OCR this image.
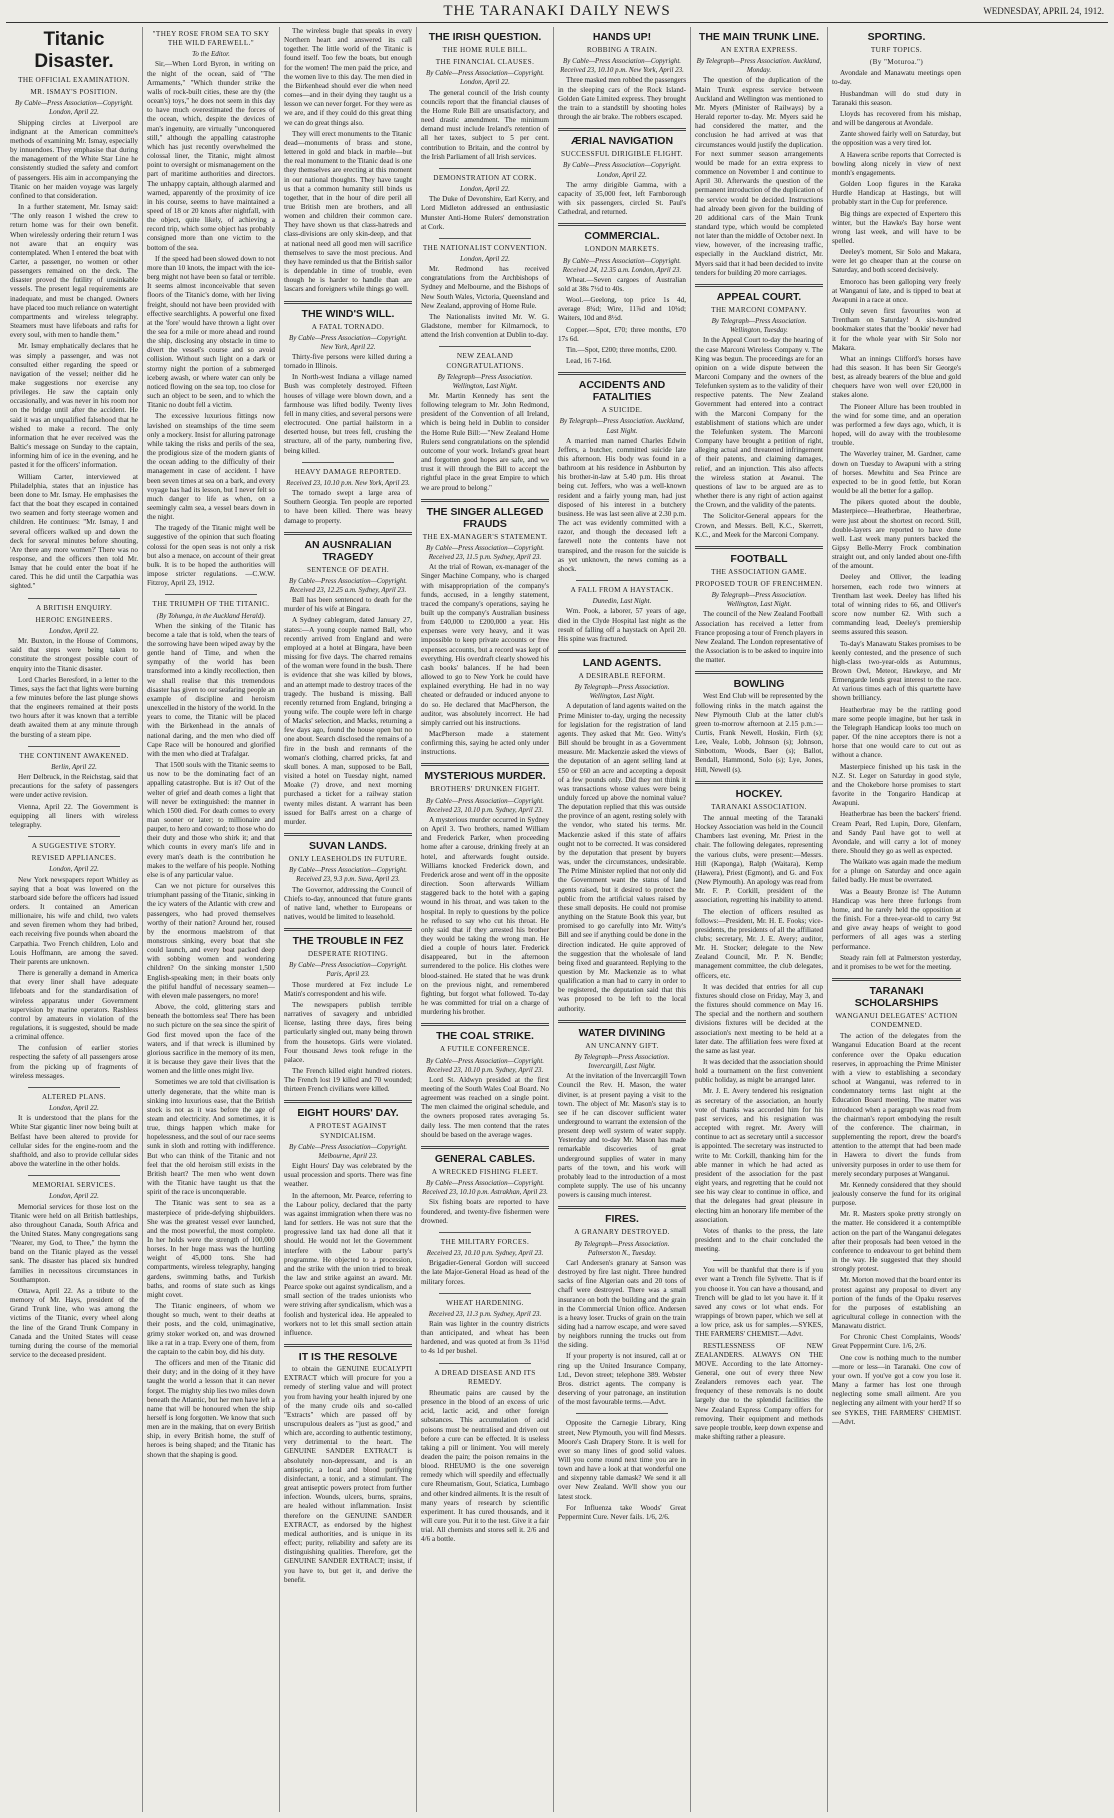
THE TARANAKI DAILY NEWS	WEDNESDAY, APRIL 24, 1912.
Titanic Disaster.
THE OFFICIAL EXAMINATION.
MR. ISMAY'S POSITION.
By Cable—Press Association—Copyright. London, April 22.

Shipping circles at Liverpool are indignant at the American committee's methods of examining Mr. Ismay, especially by innuendoes. They emphasise that during the management of the White Star Line he consistently studied the safety and comfort of passengers. His aim in accompanying the Titanic on her maiden voyage was largely confined to that consideration.

In a further statement, Mr. Ismay said: "The only reason I wished the crew to return home was for their own benefit. When wirelessly ordering their return I was not aware that an enquiry was contemplated. When I entered the boat with Carter, a passenger, no women or other passengers remained on the deck. The disaster proved the futility of unsinkable vessels. The present legal requirements are inadequate, and must be changed. Owners have placed too much reliance on watertight compartments and wireless telegraphy. Steamers must have lifeboats and rafts for every soul, with men to handle them."

Mr. Ismay emphatically declares that he was simply a passenger, and was not consulted either regarding the speed or navigation of the vessel; neither did he make suggestions nor exercise any privileges. He saw the captain only occasionally, and was never in his room nor on the bridge until after the accident. He said it was an unqualified falsehood that he wished to make a record. The only information that he ever received was the Baltic's message on Sunday to the captain, informing him of ice in the evening, and he pasted it for the officers' information.

William Carter, interviewed at Philadelphia, states that an injustice has been done to Mr. Ismay. He emphasises the fact that the boat they escaped in contained two seamen and forty steerage women and children. He continues: "Mr. Ismay, I and several officers walked up and down the deck for several minutes before shouting, 'Are there any more women?' There was no response, and the officers then told Mr. Ismay that he could enter the boat if he cared. This he did until the Carpathia was sighted."

A BRITISH ENQUIRY.
HEROIC ENGINEERS.
London, April 22.

Mr. Buxton, in the House of Commons, said that steps were being taken to constitute the strongest possible court of enquiry into the Titanic disaster.

Lord Charles Beresford, in a letter to the Times, says the fact that lights were burning a few minutes before the last plunge shows that the engineers remained at their posts two hours after it was known that a terrible death awaited them at any minute through the bursting of a steam pipe.

THE CONTINENT AWAKENED.
Berlin, April 22.

Herr Delbruck, in the Reichstag, said that precautions for the safety of passengers were under active revision.

Vienna, April 22. The Government is equipping all liners with wireless telegraphy.

A SUGGESTIVE STORY.
REVISED APPLIANCES.
London, April 22.

New York newspapers report Whitley as saying that a boat was lowered on the starboard side before the officers had issued orders. It contained an American millionaire, his wife and child, two valets and seven firemen whom they had bribed, each receiving five pounds when aboard the Carpathia. Two French children, Lolo and Louis Hoffmann, are among the saved. Their parents are unknown.

There is generally a demand in America that every liner shall have adequate lifeboats and for the standardisation of wireless apparatus under Government supervision by marine operators. Rashless control by amateurs in violation of the regulations, it is suggested, should be made a criminal offence.

The confusion of earlier stories respecting the safety of all passengers arose from the picking up of fragments of wireless messages.

ALTERED PLANS.
London, April 22.

It is understood that the plans for the White Star gigantic liner now being built at Belfast have been altered to provide for cellular sides for the engine-room and the shafthold, and also to provide cellular sides above the waterline in the other holds.

MEMORIAL SERVICES.
London, April 22.

Memorial services for those lost on the Titanic were held on all British battleships, also throughout Canada, South Africa and the United States. Many congregations sang "Nearer, my God, to Thee," the hymn the band on the Titanic played as the vessel sank. The disaster has placed six hundred families in necessitous circumstances in Southampton.

Ottawa, April 22. As a tribute to the memory of Mr. Hays, president of the Grand Trunk line, who was among the victims of the Titanic, every wheel along the line of the Grand Trunk Company in Canada and the United States will cease turning during the course of the memorial service to the deceased president.

"THEY ROSE FROM SEA TO SKY THE WILD FAREWELL."
To the Editor.

Sir,—When Lord Byron, in writing on the night of the ocean, said of "The Armaments," "Which thunder strike the walls of rock-built cities, these are thy (the ocean's) toys," he does not seem in this day to have much overestimated the forces of the ocean, which, despite the devices of man's ingenuity, are virtually "unconquered still," although the appalling catastrophe which has just recently overwhelmed the colossal liner, the Titanic, might almost point to oversight or mismanagement on the part of maritime authorities and directors. The unhappy captain, although alarmed and warned, apparently of the proximity of ice in his course, seems to have maintained a speed of 18 or 20 knots after nightfall, with the object, quite likely, of achieving a record trip, which some object has probably consigned more than one victim to the bottom of the sea.

If the speed had been slowed down to not more than 10 knots, the impact with the ice-berg might not have been so fatal or terrible. It seems almost inconceivable that seven floors of the Titanic's dome, with her living freight, should not have been provided with effective searchlights. A powerful one fixed at the 'fore' would have thrown a light over the sea for a mile or more ahead and round the ship, disclosing any obstacle in time to divert the vessel's course and so avoid collision. Without such light on a dark or stormy night the portion of a submerged iceberg awash, or where water can only be noticed flowing on the sea top, too close for such an object to be seen, and to which the Titanic no doubt fell a victim.

The excessive luxurious fittings now lavished on steamships of the time seem only a mockery. Insist for alluring patronage while taking the risks and perils of the sea, the prodigious size of the modern giants of the ocean adding to the difficulty of their management in case of accident. I have been seven times at sea on a bark, and every voyage has had its lesson, but I never felt so much danger to life as when, on a seemingly calm sea, a vessel bears down in the night.

The tragedy of the Titanic might well be suggestive of the opinion that such floating colossi for the open seas is not only a risk but also a menace, on account of their great bulk. It is to be hoped the authorities will impose stricter regulations. —C.W.W. Fitzroy, April 23, 1912.

THE TRIUMPH OF THE TITANIC.
(By Tohunga, in the Auckland Herald).

When the sinking of the Titanic has become a tale that is told, when the tears of the sorrowing have been wiped away by the gentle hand of Time, and when the sympathy of the world has been transformed into a kindly recollection, then we shall realise that this tremendous disaster has given to our seafaring people an example of discipline and heroism unexcelled in the history of the world. In the years to come, the Titanic will be placed with the Birkenhead in the annals of national daring, and the men who died off Cape Race will be honoured and glorified with the men who died at Trafalgar.

That 1500 souls with the Titanic seems to us now to be the dominating fact of an appalling catastrophe. But is it? Out of the welter of grief and death comes a light that will never be extinguished: the manner in which 1500 died. For death comes to every man sooner or later; to millionaire and pauper, to hero and coward; to those who do their duty and those who shirk it; and that which counts in every man's life and in every man's death is the contribution he makes to the welfare of his people. Nothing else is of any particular value.

Can we not picture for ourselves this triumphant passing of the Titanic, sinking in the icy waters of the Atlantic with crew and passengers, who had proved themselves worthy of their nation? Around her, roused by the enormous maelstrom of that monstrous sinking, every boat that she could launch, and every boat packed deep with sobbing women and wondering children? On the sinking monster 1,500 English-speaking men; in their boats only the pitiful handful of necessary seamen—with eleven male passengers, no more!

Above, the cold, glittering stars and beneath the bottomless sea! There has been no such picture on the sea since the spirit of God first moved upon the face of the waters, and if that wreck is illumined by glorious sacrifice in the memory of its men, it is because they gave their lives that the women and the little ones might live.

Sometimes we are told that civilisation is utterly degenerate, that the white man is sinking into luxurious ease, that the British stock is not as it was before the age of steam and electricity. And sometimes, it is true, things happen which make for hopelessness, and the soul of our race seems sunk in sloth and rotting with indifference. But who can think of the Titanic and not feel that the old heroism still exists in the British heart? The men who went down with the Titanic have taught us that the spirit of the race is unconquerable.

The Titanic was sent to sea as a masterpiece of pride-defying shipbuilders. She was the greatest vessel ever launched, and the most powerful, the most complete. In her holds were the strength of 100,000 horses. In her huge mass was the hurtling weight of 45,000 tons. She had compartments, wireless telegraphy, hanging gardens, swimming baths, and Turkish baths, and rooms of state such as kings might covet.

The Titanic engineers, of whom we thought so much, went to their deaths at their posts, and the cold, unimaginative, grimy stoker worked on, and was drowned like a rat in a trap. Every one of them, from the captain to the cabin boy, did his duty.

The officers and men of the Titanic did their duty; and in the doing of it they have taught the world a lesson that it can never forget. The mighty ship lies two miles down beneath the Atlantic, but her men have left a name that will be honoured when the ship herself is long forgotten. We know that such men are in the making, that on every British ship, in every British home, the stuff of heroes is being shaped; and the Titanic has shown that the shaping is good.

The wireless bugle that speaks in every Northern heart and answered its call together. The little world of the Titanic is found itself. Too few the boats, but enough for the women! The men paid the price, and the women live to this day. The men died in the Birkenhead should ever die when need comes—and in their dying they taught us a lesson we can never forget. For they were as we are, and if they could do this great thing we can do great things also.

They will erect monuments to the Titanic dead—monuments of brass and stone, lettered in gold and black in marble—but the real monument to the Titanic dead is one they themselves are erecting at this moment in our national thoughts. They have taught us that a common humanity still binds us together, that in the hour of dire peril all true British men are brothers, and all women and children their common care. They have shown us that class-hatreds and class-divisions are only skin-deep, and that at national need all good men will sacrifice themselves to save the most precious. And they have reminded us that the British sailor is dependable in time of trouble, even though he is harder to handle than are lascars and foreigners while things go well.

THE WIND'S WILL.
A FATAL TORNADO.
By Cable—Press Association—Copyright. New York, April 22.

Thirty-five persons were killed during a tornado in Illinois.

In North-west Indiana a village named Bush was completely destroyed. Fifteen houses of village were blown down, and a farmhouse was lifted bodily. Twenty lives fell in many cities, and several persons were electrocuted. One partial hailstorm in a deserted house, but trees fell, crushing the structure, all of the party, numbering five, being killed.

HEAVY DAMAGE REPORTED.
Received 23, 10.10 p.m. New York, April 23.

The tornado swept a large area of Southern Georgia. Ten people are reported to have been killed. There was heavy damage to property.

AN AUSNRALIAN TRAGEDY
SENTENCE OF DEATH.
By Cable—Press Association—Copyright. Received 23, 12.25 a.m. Sydney, April 23.

Ball has been sentenced to death for the murder of his wife at Bingara.

A Sydney cablegram, dated January 27, states:—A young couple named Ball, who recently arrived from England and were employed at a hotel at Bingara, have been missing for five days. The charred remains of the woman were found in the bush. There is evidence that she was killed by blows, and an attempt made to destroy traces of the tragedy. The husband is missing. Ball recently returned from England, bringing a young wife. The couple were left in charge of Macks' selection, and Macks, returning a few days ago, found the house open but no one about. Search disclosed the remains of a fire in the bush and remnants of the woman's clothing, charred pricks, fat and skull bones. A man, supposed to be Ball, visited a hotel on Tuesday night, named Moake (?) drove, and next morning purchased a ticket for a railway station twenty miles distant. A warrant has been issued for Ball's arrest on a charge of murder.

SUVAN LANDS.
ONLY LEASEHOLDS IN FUTURE.
By Cable—Press Association—Copyright. Received 23, 9.3 p.m. Suva, April 23.

The Governor, addressing the Council of Chiefs to-day, announced that future grants of native land, whether to Europeans or natives, would be limited to leasehold.

THE TROUBLE IN FEZ
DESPERATE RIOTING.
By Cable—Press Association—Copyright. Paris, April 23.

Those murdered at Fez include Le Matin's correspondent and his wife.

The newspapers publish terrible narratives of savagery and unbridled license, lasting three days, fires being particularly singled out, many being thrown from the housetops. Girls were violated. Four thousand Jews took refuge in the palace.

The French killed eight hundred rioters. The French lost 19 killed and 70 wounded; thirteen French civilians were killed.

EIGHT HOURS' DAY.
A PROTEST AGAINST SYNDICALISM.
By Cable—Press Association—Copyright. Melbourne, April 23.

Eight Hours' Day was celebrated by the usual procession and sports. There was fine weather.

In the afternoon, Mr. Pearce, referring to the Labour policy, declared that the party was against immigration when there was no land for settlers. He was not sure that the progressive land tax had done all that it should. He would not let the Government interfere with the Labour party's programme. He objected to a procession, and the strike with the union tried to break the law and strike against an award. Mr. Pearce spoke out against syndicalism, and a small section of the trades unionists who were striving after syndicalism, which was a foolish and hysterical idea. He appealed to workers not to let this small section attain influence.

IT IS THE RESOLVE

to obtain the GENUINE EUCALYPTI EXTRACT which will procure for you a remedy of sterling value and will protect you from having your health injured by one of the many crude oils and so-called "Extracts" which are passed off by unscrupulous dealers as "just as good," and which are, according to authentic testimony, very detrimental to the heart. The GENUINE SANDER EXTRACT is absolutely non-depressant, and is an antiseptic, a local and blood purifying disinfectant, a tonic, and a stimulant. The great antiseptic powers protect from further infection. Wounds, ulcers, burns, sprains, are healed without inflammation. Insist therefore on the GENUINE SANDER EXTRACT, as endorsed by the highest medical authorities, and is unique in its effect; purity, reliability and safety are its distinguishing qualities. Therefore, get the GENUINE SANDER EXTRACT; insist, if you have to, but get it, and derive the benefit.

THE IRISH QUESTION.
THE HOME RULE BILL.
THE FINANCIAL CLAUSES.
By Cable—Press Association—Copyright. London, April 22.

The general council of the Irish county councils report that the financial clauses of the Home Rule Bill are unsatisfactory, and need drastic amendment. The minimum demand must include Ireland's retention of all her taxes, subject to 5 per cent. contribution to Britain, and the control by the Irish Parliament of all Irish services.

DEMONSTRATION AT CORK.
London, April 22.

The Duke of Devonshire, Earl Kerry, and Lord Midleton addressed an enthusiastic Munster Anti-Home Rulers' demonstration at Cork.

THE NATIONALIST CONVENTION.
London, April 22.

Mr. Redmond has received congratulations from the Archbishops of Sydney and Melbourne, and the Bishops of New South Wales, Victoria, Queensland and New Zealand, approving of Home Rule.

The Nationalists invited Mr. W. G. Gladstone, member for Kilmarnock, to attend the Irish convention at Dublin to-day.

NEW ZEALAND CONGRATULATIONS.
By Telegraph—Press Association. Wellington, Last Night.

Mr. Martin Kennedy has sent the following telegram to Mr. John Redmond, president of the Convention of all Ireland, which is being held in Dublin to consider the Home Rule Bill:—"New Zealand Home Rulers send congratulations on the splendid outcome of your work. Ireland's great heart and forgotten good hopes are safe, and we trust it will through the Bill to accept the rightful place in the great Empire to which we are proud to belong."

THE SINGER ALLEGED FRAUDS
THE EX-MANAGER'S STATEMENT.
By Cable—Press Association—Copyright. Received 23, 11.5 p.m. Sydney, April 23.

At the trial of Rowan, ex-manager of the Singer Machine Company, who is charged with misappropriation of the company's funds, accused, in a lengthy statement, traced the company's operations, saying he built up the company's Australian business from £40,000 to £200,000 a year. His expenses were very heavy, and it was impossible to keep private accounts or free expenses accounts, but a record was kept of everything. His overdraft clearly showed his cash books' balances. If he had been allowed to go to New York he could have explained everything. He had in no way cheated or defrauded or induced anyone to do so. He declared that MacPherson, the auditor, was absolutely incorrect. He had simply carried out his instructions.

MacPherson made a statement confirming this, saying he acted only under instructions.

MYSTERIOUS MURDER.
BROTHERS' DRUNKEN FIGHT.
By Cable—Press Association—Copyright. Received 23, 10.10 p.m. Sydney, April 23.

A mysterious murder occurred in Sydney on April 3. Two brothers, named William and Frederick Parker, when proceeding home after a carouse, drinking freely at an hotel, and afterwards fought outside. Williams knocked Frederick down, and Frederick arose and went off in the opposite direction. Soon afterwards William staggered back to the hotel with a gaping wound in his throat, and was taken to the hospital. In reply to questions by the police he refused to say who cut his throat. He only said that if they arrested his brother they would be taking the wrong man. He died a couple of hours later. Frederick disappeared, but in the afternoon surrendered to the police. His clothes were blood-stained. He stated that he was drunk on the previous night, and remembered fighting, but forgot what followed. To-day he was committed for trial on a charge of murdering his brother.

THE COAL STRIKE.
A FUTILE CONFERENCE.
By Cable—Press Association—Copyright. Received 23, 10.10 p.m. Sydney, April 23.

Lord St. Aldwyn presided at the first meeting of the South Wales Coal Board. No agreement was reached on a single point. The men claimed the original schedule, and the owners proposed rates averaging 5s. daily less. The men contend that the rates should be based on the average wages.

GENERAL CABLES.
A WRECKED FISHING FLEET.
By Cable—Press Association—Copyright. Received 23, 10.10 p.m. Astrakhan, April 23.

Six fishing boats are reported to have foundered, and twenty-five fishermen were drowned.

THE MILITARY FORCES.
Received 23, 10.10 p.m. Sydney, April 23.

Brigadier-General Gordon will succeed the late Major-General Hoad as head of the military forces.

WHEAT HARDENING.
Received 23, 11.3 p.m. Sydney, April 23.

Rain was lighter in the country districts than anticipated, and wheat has been hardened, and was quoted at from 3s 11½d to 4s 1d per bushel.

A DREAD DISEASE AND ITS REMEDY.

Rheumatic pains are caused by the presence in the blood of an excess of uric acid, lactic acid, and other foreign substances. This accumulation of acid poisons must be neutralised and driven out before a cure can be effected. It is useless taking a pill or liniment. You will merely deaden the pain; the poison remains in the blood. RHEUMO is the one sovereign remedy which will speedily and effectually cure Rheumatism, Gout, Sciatica, Lumbago and other kindred ailments. It is the result of many years of research by scientific experiment. It has cured thousands, and it will cure you. Put it to the test. Give it a fair trial. All chemists and stores sell it. 2/6 and 4/6 a bottle.

HANDS UP!
ROBBING A TRAIN.
By Cable—Press Association—Copyright. Received 23, 10.10 p.m. New York, April 23.

Three masked men robbed the passengers in the sleeping cars of the Rock Island-Golden Gate Limited express. They brought the train to a standstill by shooting holes through the air brake. The robbers escaped.

ÆRIAL NAVIGATION
SUCCESSFUL DIRIGIBLE FLIGHT.
By Cable—Press Association—Copyright. London, April 22.

The army dirigible Gamma, with a capacity of 35,000 feet, left Farnborough with six passengers, circled St. Paul's Cathedral, and returned.

COMMERCIAL.
LONDON MARKETS.
By Cable—Press Association—Copyright. Received 24, 12.35 a.m. London, April 23.

Wheat.—Seven cargoes of Australian sold at 38s 7½d to 40s.

Wool.—Geelong, top price 1s 4d, average 8¾d; Wire, 11⅞d and 10¾d; Waiters, 10d and 8½d.

Copper.—Spot, £70; three months, £70 17s 6d.

Tin.—Spot, £200; three months, £200.

Lead, 16 7-16d.

ACCIDENTS AND FATALITIES
A SUICIDE.
By Telegraph—Press Association. Auckland, Last Night.

A married man named Charles Edwin Jeffers, a butcher, committed suicide late this afternoon. His body was found in a bathroom at his residence in Ashburton by his brother-in-law at 5.40 p.m. His throat being cut. Jeffers, who was a well-known resident and a fairly young man, had just disposed of his interest in a butchery business. He was last seen alive at 2.30 p.m. The act was evidently committed with a razor, and though the deceased left a farewell note the contents have not transpired, and the reason for the suicide is as yet unknown, the news coming as a shock.

A FALL FROM A HAYSTACK.
Dunedin, Last Night.

Wm. Pook, a laborer, 57 years of age, died in the Clyde Hospital last night as the result of falling off a haystack on April 20. His spine was fractured.

LAND AGENTS.
A DESIRABLE REFORM.
By Telegraph—Press Association. Wellington, Last Night.

A deputation of land agents waited on the Prime Minister to-day, urging the necessity for legislation for the registration of land agents. They asked that Mr. Geo. Witty's Bill should be brought in as a Government measure. Mr. Mackenzie asked the views of the deputation of an agent selling land at £50 or £60 an acre and accepting a deposit of a few pounds only. Did they not think it was transactions whose values were being unduly forced up above the nominal value? The deputation replied that this was outside the province of an agent, resting solely with the vendor, who stated his terms. Mr. Mackenzie asked if this state of affairs ought not to be corrected. It was considered by the deputation that present by buyers was, under the circumstances, undesirable. The Prime Minister replied that not only did the Government want the status of land agents raised, but it desired to protect the public from the artificial values raised by these small deposits. He could not promise anything on the Statute Book this year, but promised to go carefully into Mr. Witty's Bill and see if anything could be done in the direction indicated. He quite approved of the suggestion that the wholesale of land being fixed and guaranteed. Replying to the question by Mr. Mackenzie as to what qualification a man had to carry in order to be registered, the deputation said that this was proposed to be left to the local authority.

WATER DIVINING
AN UNCANNY GIFT.
By Telegraph—Press Association. Invercargill, Last Night.

At the invitation of the Invercargill Town Council the Rev. H. Mason, the water diviner, is at present paying a visit to the town. The object of Mr. Mason's stay is to see if he can discover sufficient water underground to warrant the extension of the present deep well system of water supply. Yesterday and to-day Mr. Mason has made remarkable discoveries of great underground supplies of water in many parts of the town, and his work will probably lead to the introduction of a most complete supply. The use of his uncanny powers is causing much interest.

FIRES.
A GRANARY DESTROYED.
By Telegraph—Press Association. Palmerston N., Tuesday.

Carl Andersen's granary at Sanson was destroyed by fire last night. Three hundred sacks of fine Algerian oats and 20 tons of chaff were destroyed. There was a small insurance on both the building and the grain in the Commercial Union office. Andersen is a heavy loser. Trucks of grain on the train siding had a narrow escape, and were saved by neighbors running the trucks out from the siding.

If your property is not insured, call at or ring up the United Insurance Company, Ltd., Devon street; telephone 389. Webster Bros. district agents. The company is deserving of your patronage, an institution of the most favourable terms.—Advt.

Opposite the Carnegie Library, King street, New Plymouth, you will find Messrs. Moore's Cash Drapery Store. It is well for ever so many lines of good solid values. Will you come round next time you are in town and have a look at that wonderful one and sixpenny table damask? We send it all over New Zealand. We'll show you our latest stock.

For Influenza take Woods' Great Peppermint Cure. Never fails. 1/6, 2/6.

THE MAIN TRUNK LINE.
AN EXTRA EXPRESS.
By Telegraph—Press Association. Auckland, Monday.

The question of the duplication of the Main Trunk express service between Auckland and Wellington was mentioned to Mr. Myers (Minister of Railways) by a Herald reporter to-day. Mr. Myers said he had considered the matter, and the conclusion he had arrived at was that circumstances would justify the duplication. For next summer season arrangements would be made for an extra express to commence on November 1 and continue to April 30. Afterwards the question of the permanent introduction of the duplication of the service would be decided. Instructions had already been given for the building of 20 additional cars of the Main Trunk standard type, which would be completed not later than the middle of October next. In view, however, of the increasing traffic, especially in the Auckland district, Mr. Myers said that it had been decided to invite tenders for building 20 more carriages.

APPEAL COURT.
THE MARCONI COMPANY.
By Telegraph—Press Association. Wellington, Tuesday.

In the Appeal Court to-day the hearing of the case Marconi Wireless Company v. The King was begun. The proceedings are for an opinion on a wide dispute between the Marconi Company and the owners of the Telefunken system as to the validity of their respective patents. The New Zealand Government had entered into a contract with the Marconi Company for the establishment of stations which are under the Telefunken system. The Marconi Company have brought a petition of right, alleging actual and threatened infringement of their patents, and claiming damages, relief, and an injunction. This also affects the wireless station at Awanui. The questions of law to be argued are as to whether there is any right of action against the Crown, and the validity of the patents.

The Solicitor-General appears for the Crown, and Messrs. Bell, K.C., Skerrett, K.C., and Meek for the Marconi Company.

FOOTBALL
THE ASSOCIATION GAME.
PROPOSED TOUR OF FRENCHMEN.
By Telegraph—Press Association. Wellington, Last Night.

The council of the New Zealand Football Association has received a letter from France proposing a tour of French players in New Zealand. The London representative of the Association is to be asked to inquire into the matter.

BOWLING

West End Club will be represented by the following rinks in the match against the New Plymouth Club at the latter club's green to-morrow afternoon at 2.15 p.m.:—Curtis, Frank Newell, Hoskin, Firth (s); Lee, Veale, Lobb, Johnson (s); Johnson, Sinbottom, Woods, Baer (s); Ballot, Bendall, Hammond, Solo (s); Lye, Jones, Hill, Newell (s).

HOCKEY.
TARANAKI ASSOCIATION.

The annual meeting of the Taranaki Hockey Association was held in the Council Chambers last evening, Mr. Priest in the chair. The following delegates, representing the various clubs, were present:—Messrs. Hill (Kaponga), Ralph (Waitara), Kemp (Hawera), Priest (Egmont), and G. and Fox (New Plymouth). An apology was read from Mr. F. P. Corkill, president of the association, regretting his inability to attend.

The election of officers resulted as follows:—President, Mr. H. E. Fooks; vice-presidents, the presidents of all the affiliated clubs; secretary, Mr. J. E. Avery; auditor, Mr. H. Stocker; delegate to the New Zealand Council, Mr. P. N. Bendle; management committee, the club delegates, officers, etc.

It was decided that entries for all cup fixtures should close on Friday, May 3, and the fixtures should commence on May 16. The special and the northern and southern divisions fixtures will be decided at the association's next meeting to be held at a later date. The affiliation fees were fixed at the same as last year.

It was decided that the association should hold a tournament on the first convenient public holiday, as might be arranged later.

Mr. J. E. Avery tendered his resignation as secretary of the association, an hourly vote of thanks was accorded him for his past services, and his resignation was accepted with regret. Mr. Avery will continue to act as secretary until a successor is appointed. The secretary was instructed to write to Mr. Corkill, thanking him for the able manner in which he had acted as president of the association for the past eight years, and regretting that he could not see his way clear to continue in office, and that the delegates had great pleasure in electing him an honorary life member of the association.

Votes of thanks to the press, the late president and to the chair concluded the meeting.

You will be thankful that there is if you ever want a Trench file Sylvette. That is if you choose it. You can have a thousand, and Trench will be glad to let you have it. If it saved any cows or lot what ends. For wrappings of brown paper, which we sell at a low price, ask us for samples.—SYKES, THE FARMERS' CHEMIST.—Advt.

RESTLESSNESS OF NEW ZEALANDERS. ALWAYS ON THE MOVE. According to the late Attorney-General, one out of every three New Zealanders removes each year. The frequency of these removals is no doubt largely due to the splendid facilities the New Zealand Express Company offers for removing. Their equipment and methods save people trouble, keep down expense and make shifting rather a pleasure.

SPORTING.
TURF TOPICS.
(By "Moturoa.")

Avondale and Manawatu meetings open to-day.

Husbandman will do stud duty in Taranaki this season.

Lloyds has recovered from his mishap, and will be dangerous at Avondale.

Zante showed fairly well on Saturday, but the opposition was a very tired lot.

A Hawera scribe reports that Corrected is bowling along nicely in view of next month's engagements.

Golden Loop figures in the Karaka Hurdle Handicap at Hastings, but will probably start in the Cup for preference.

Big things are expected of Expertero this winter, but the Hawke's Bay horse went wrong last week, and will have to be spelled.

Deeley's moment, Sir Solo and Makara, were let go cheaper than at the course on Saturday, and both scored decisively.

Emoroco has been galloping very freely at Wanganui of late, and is tipped to beat at Awapuni in a race at once.

Only seven first favourites won at Trentham on Saturday! A six-hundred bookmaker states that the 'bookie' never had it for the whole year with Sir Solo nor Makara.

What an innings Clifford's horses have had this season. It has been Sir George's best, as already bearers of the blue and gold chequers have won well over £20,000 in stakes alone.

The Pioneer Allure has been troubled in the wind for some time, and an operation was performed a few days ago, which, it is hoped, will do away with the troublesome trouble.

The Waverley trainer, M. Gardner, came down on Tuesday to Awapuni with a string of horses. Mewhitu and Sea Prince are expected to be in good fettle, but Koran would be all the better for a gallop.

The pikers quoted about the double, Masterpiece—Heatherbrae, Heatherbrae, were just about the shortest on record. Still, double-layers are reported to have done well. Last week many punters backed the Gipsy Belle-Merry Frock combination straight out, and only landed about one-fifth of the amount.

Deeley and Olliver, the leading horsemen, each rode two winners at Trentham last week. Deeley has lifted his total of winning rides to 66, and Olliver's score now number 62. With such a commanding lead, Deeley's premiership seems assured this season.

To-day's Manawatu Stakes promises to be keenly contested, and the presence of such high-class two-year-olds as Autumnus, Brown Owl, Meteor, Hawkeye, and Mr Ermengarde lends great interest to the race. At various times each of this quartette have shown brilliancy.

Heatherbrae may be the rattling good mare some people imagine, but her task in the Telegraph Handicap looks too much on paper. Of the nine acceptors there is not a horse that one would care to cut out as without a chance.

Masterpiece finished up his task in the N.Z. St. Leger on Saturday in good style, and the Chokebore horse promises to start favorite in the Tongariro Handicap at Awapuni.

Heatherbrae has been the backers' friend. Cream Pearl, Red Lupin, Dore, Glenfarn, and Sandy Paul have got to well at Avondale, and will carry a lot of money there. Should they go as well as expected.

The Waikato was again made the medium for a plunge on Saturday and once again failed badly. He must be overrated.

Was a Beauty Bronze is! The Autumn Handicap was here three furlongs from home, and he rarely held the opposition at the finish. For a three-year-old to carry 9st and give away heaps of weight to good performers of all ages was a sterling performance.

Steady rain fell at Palmerston yesterday, and it promises to be wet for the meeting.

TARANAKI SCHOLARSHIPS
WANGANUI DELEGATES' ACTION CONDEMNED.

The action of the delegates from the Wanganui Education Board at the recent conference over the Opaku education reserves, in approaching the Prime Minister with a view to establishing a secondary school at Wanganui, was referred to in condemnatory terms last night at the Education Board meeting. The matter was introduced when a paragraph was read from the chairman's report embodying the result of the conference. The chairman, in supplementing the report, drew the board's attention to the attempt that had been made in Hawera to divert the funds from university purposes in order to use them for merely secondary purposes at Wanganui.

Mr. Kennedy considered that they should jealously conserve the fund for its original purpose.

Mr. R. Masters spoke pretty strongly on the matter. He considered it a contemptible action on the part of the Wanganui delegates after their proposals had been vetoed in the conference to endeavour to get behind them in the way. He suggested that they should strongly protest.

Mr. Morton moved that the board enter its protest against any proposal to divert any portion of the funds of the Opaku reserves for the purposes of establishing an agricultural college in connection with the Manawatu district.

For Chronic Chest Complaints, Woods' Great Peppermint Cure. 1/6, 2/6.

One cow is nothing much to the number—more or less—in Taranaki. One cow of your own. If you've got a cow you lose it. Many a farmer has lost one through neglecting some small ailment. Are you neglecting any ailment with your herd? If so see SYKES, THE FARMERS' CHEMIST.—Advt.
